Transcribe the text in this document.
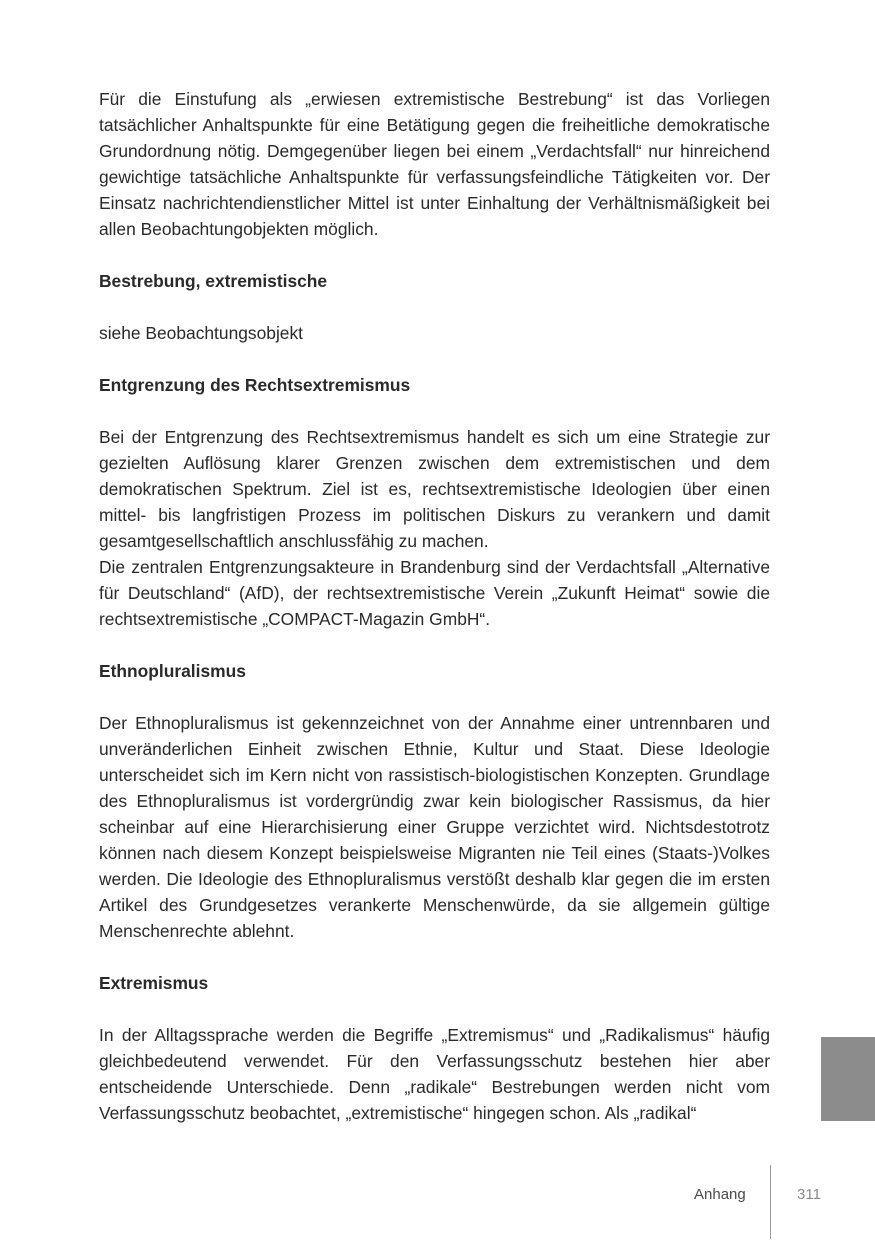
Für die Einstufung als „erwiesen extremistische Bestrebung“ ist das Vorliegen tatsächlicher Anhaltspunkte für eine Betätigung gegen die freiheitliche demokratische Grundordnung nötig. Demgegenüber liegen bei einem „Verdachtsfall“ nur hinreichend gewichtige tatsächliche Anhaltspunkte für verfassungsfeindliche Tätigkeiten vor. Der Einsatz nachrichtendienstlicher Mittel ist unter Einhaltung der Verhältnismäßigkeit bei allen Beobachtungobjekten möglich.

Bestrebung, extremistische

siehe Beobachtungsobjekt

Entgrenzung des Rechtsextremismus

Bei der Entgrenzung des Rechtsextremismus handelt es sich um eine Strategie zur gezielten Auflösung klarer Grenzen zwischen dem extremistischen und dem demokratischen Spektrum. Ziel ist es, rechtsextremistische Ideologien über einen mittel- bis langfristigen Prozess im politischen Diskurs zu verankern und damit gesamtgesellschaftlich anschlussfähig zu machen.

Die zentralen Entgrenzungsakteure in Brandenburg sind der Verdachtsfall „Alternative für Deutschland“ (AfD), der rechtsextremistische Verein „Zukunft Heimat“ sowie die rechtsextremistische „COMPACT-Magazin GmbH“.

Ethnopluralismus

Der Ethnopluralismus ist gekennzeichnet von der Annahme einer untrennbaren und unveränderlichen Einheit zwischen Ethnie, Kultur und Staat. Diese Ideologie unterscheidet sich im Kern nicht von rassistisch-biologistischen Konzepten. Grundlage des Ethnopluralismus ist vordergründig zwar kein biologischer Rassismus, da hier scheinbar auf eine Hierarchisierung einer Gruppe verzichtet wird. Nichtsdestotrotz können nach diesem Konzept beispielsweise Migranten nie Teil eines (Staats-)Volkes werden. Die Ideologie des Ethnopluralismus verstößt deshalb klar gegen die im ersten Artikel des Grundgesetzes verankerte Menschenwürde, da sie allgemein gültige Menschenrechte ablehnt.

Extremismus

In der Alltagssprache werden die Begriffe „Extremismus“ und „Radikalismus“ häufig gleichbedeutend verwendet. Für den Verfassungsschutz bestehen hier aber entscheidende Unterschiede. Denn „radikale“ Bestrebungen werden nicht vom Verfassungsschutz beobachtet, „extremistische“ hingegen schon. Als „radikal“

Anhang	311
